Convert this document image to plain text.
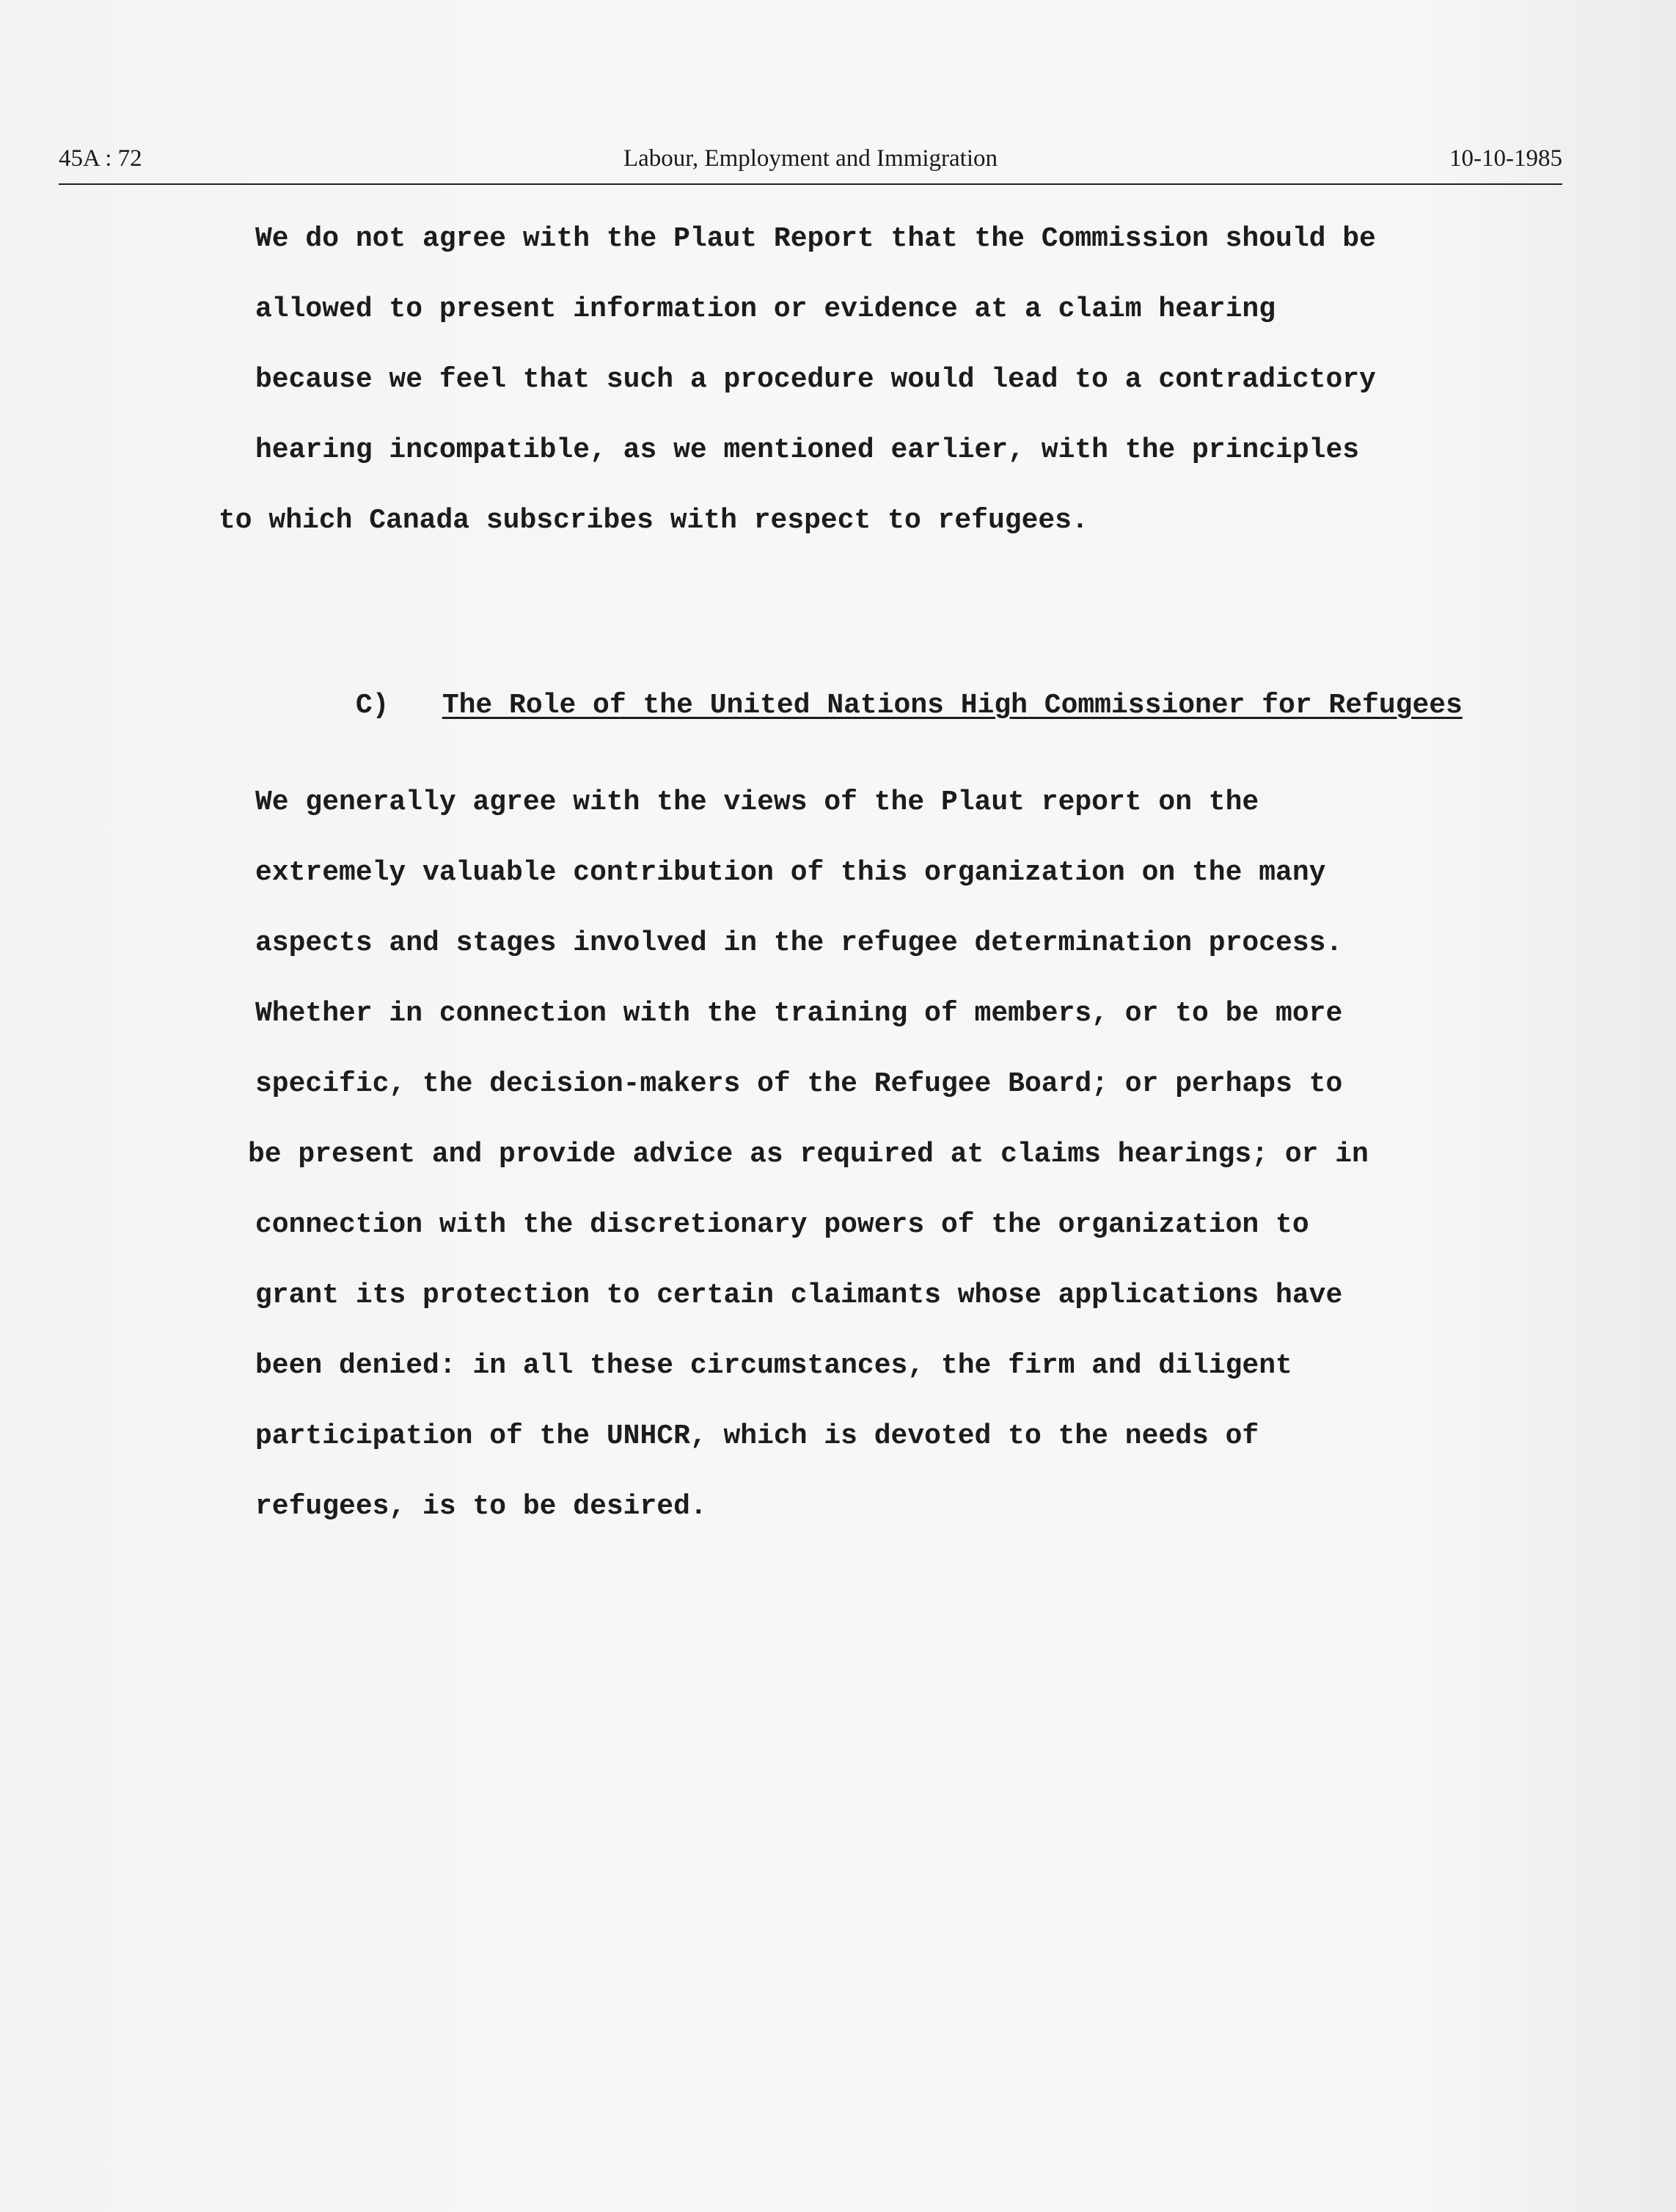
45A : 72	Labour, Employment and Immigration	10-10-1985
We do not agree with the Plaut Report that the Commission should be
allowed to present information or evidence at a claim hearing
because we feel that such a procedure would lead to a contradictory
hearing incompatible, as we mentioned earlier, with the principles
to which Canada subscribes with respect to refugees.

C) The Role of the United Nations High Commissioner for Refugees

We generally agree with the views of the Plaut report on the
extremely valuable contribution of this organization on the many
aspects and stages involved in the refugee determination process.
Whether in connection with the training of members, or to be more
specific, the decision-makers of the Refugee Board; or perhaps to
be present and provide advice as required at claims hearings; or in
connection with the discretionary powers of the organization to
grant its protection to certain claimants whose applications have
been denied: in all these circumstances, the firm and diligent
participation of the UNHCR, which is devoted to the needs of
refugees, is to be desired.
